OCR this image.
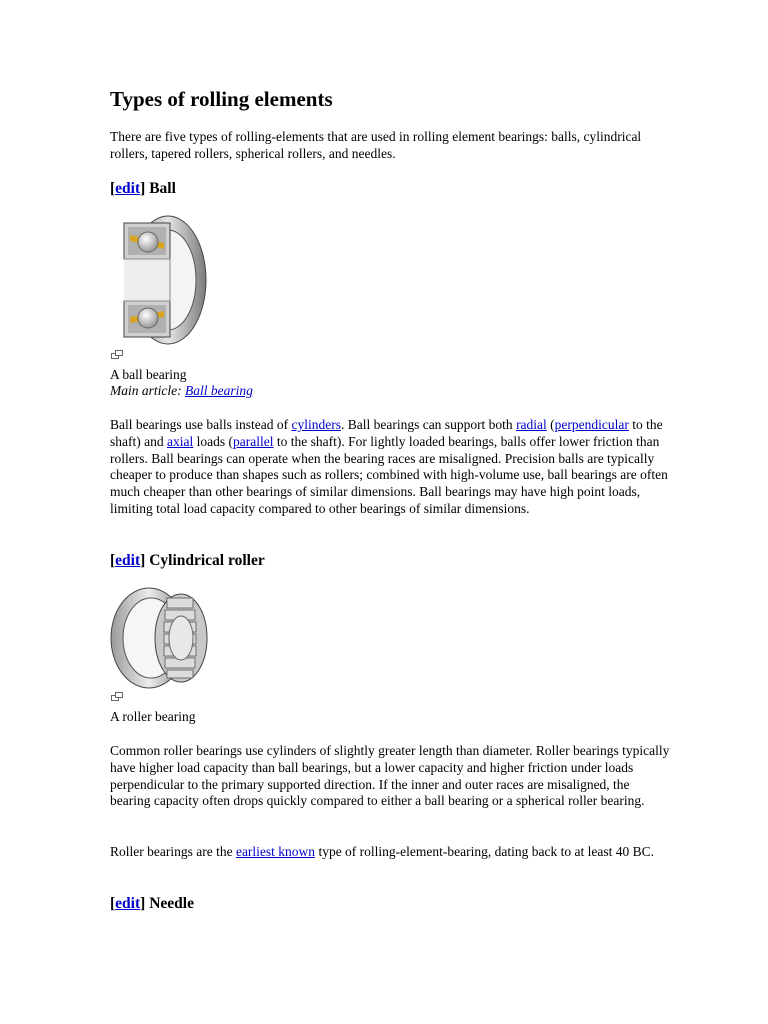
Types of rolling elements
There are five types of rolling-elements that are used in rolling element bearings: balls, cylindrical rollers, tapered rollers, spherical rollers, and needles.
[edit] Ball
A ball bearing
Main article: Ball bearing
Ball bearings use balls instead of cylinders. Ball bearings can support both radial (perpendicular to the shaft) and axial loads (parallel to the shaft). For lightly loaded bearings, balls offer lower friction than rollers. Ball bearings can operate when the bearing races are misaligned. Precision balls are typically cheaper to produce than shapes such as rollers; combined with high-volume use, ball bearings are often much cheaper than other bearings of similar dimensions. Ball bearings may have high point loads, limiting total load capacity compared to other bearings of similar dimensions.
[edit] Cylindrical roller
A roller bearing
Common roller bearings use cylinders of slightly greater length than diameter. Roller bearings typically have higher load capacity than ball bearings, but a lower capacity and higher friction under loads perpendicular to the primary supported direction. If the inner and outer races are misaligned, the bearing capacity often drops quickly compared to either a ball bearing or a spherical roller bearing.
Roller bearings are the earliest known type of rolling-element-bearing, dating back to at least 40 BC.
[edit] Needle
